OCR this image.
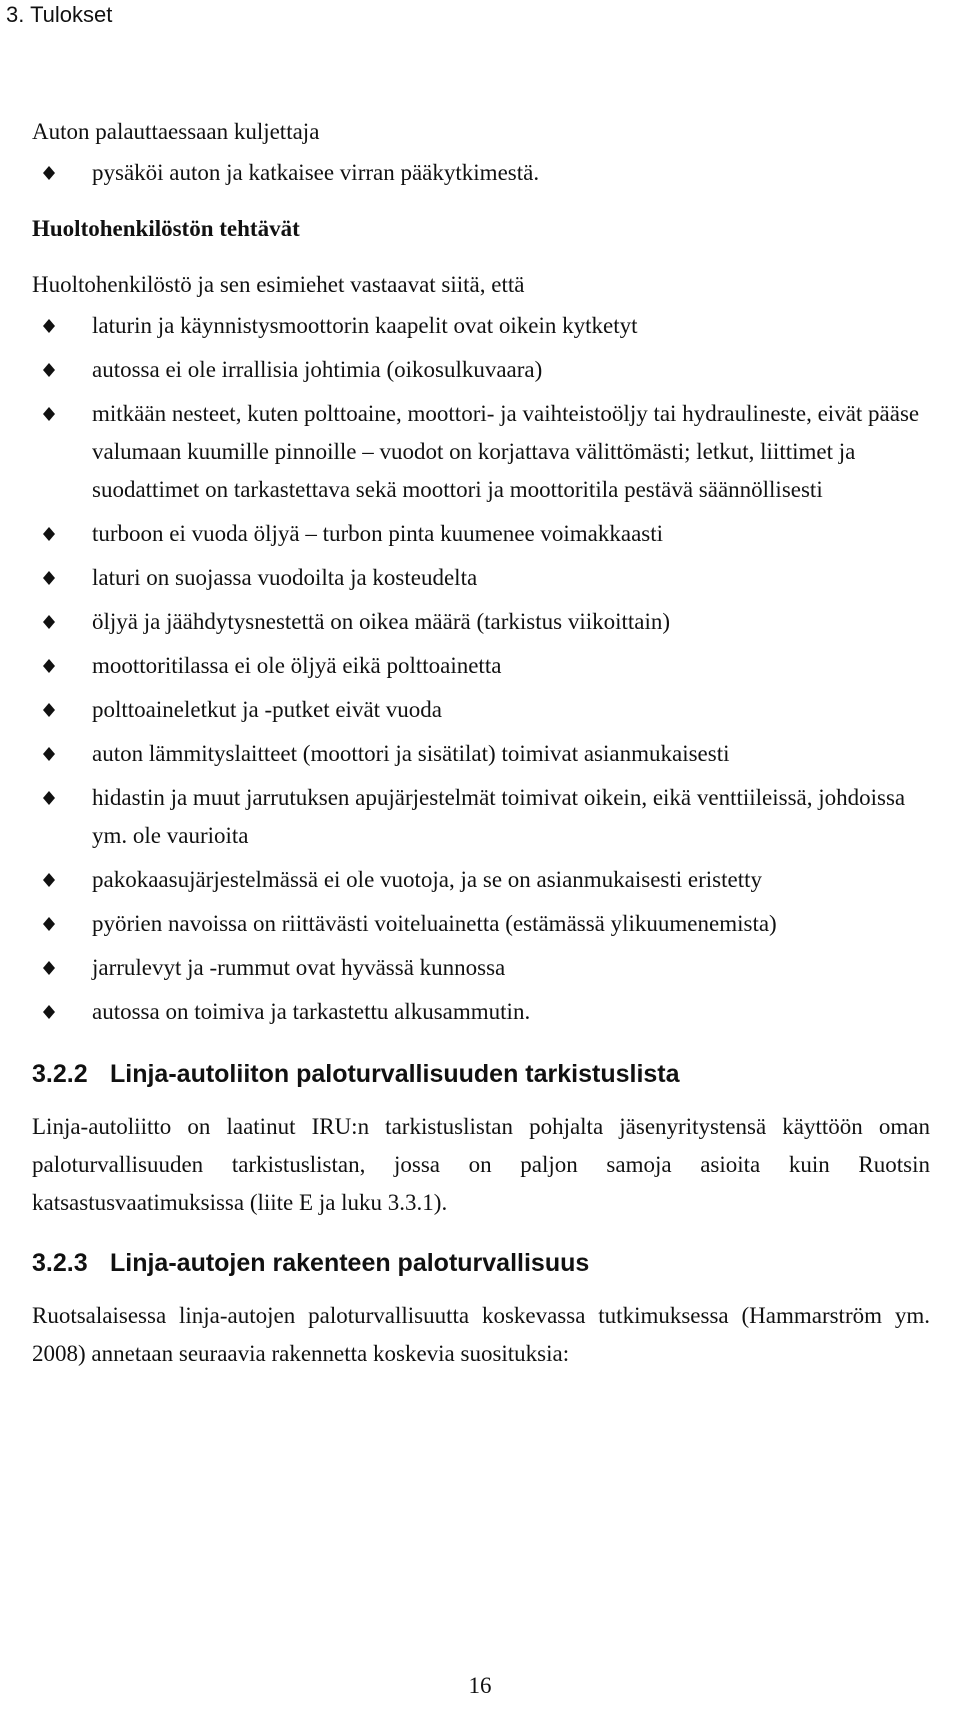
3. Tulokset

Auton palauttaessaan kuljettaja

pysäköi auton ja katkaisee virran pääkytkimestä.

Huoltohenkilöstön tehtävät

Huoltohenkilöstö ja sen esimiehet vastaavat siitä, että

laturin ja käynnistysmoottorin kaapelit ovat oikein kytketyt
autossa ei ole irrallisia johtimia (oikosulkuvaara)
mitkään nesteet, kuten polttoaine, moottori- ja vaihteistoöljy tai hydraulineste, eivät pääse valumaan kuumille pinnoille – vuodot on korjattava välittömästi; letkut, liittimet ja suodattimet on tarkastettava sekä moottori ja moottoritila pestävä säännöllisesti
turboon ei vuoda öljyä – turbon pinta kuumenee voimakkaasti
laturi on suojassa vuodoilta ja kosteudelta
öljyä ja jäähdytysnestettä on oikea määrä (tarkistus viikoittain)
moottoritilassa ei ole öljyä eikä polttoainetta
polttoaineletkut ja -putket eivät vuoda
auton lämmityslaitteet (moottori ja sisätilat) toimivat asianmukaisesti
hidastin ja muut jarrutuksen apujärjestelmät toimivat oikein, eikä venttiileissä, johdoissa ym. ole vaurioita
pakokaasujärjestelmässä ei ole vuotoja, ja se on asianmukaisesti eristetty
pyörien navoissa on riittävästi voiteluainetta (estämässä ylikuumenemista)
jarrulevyt ja -rummut ovat hyvässä kunnossa
autossa on toimiva ja tarkastettu alkusammutin.
3.2.2 Linja-autoliiton paloturvallisuuden tarkistuslista

Linja-autoliitto on laatinut IRU:n tarkistuslistan pohjalta jäsenyritystensä käyttöön oman paloturvallisuuden tarkistuslistan, jossa on paljon samoja asioita kuin Ruotsin katsastusvaatimuksissa (liite E ja luku 3.3.1).

3.2.3 Linja-autojen rakenteen paloturvallisuus

Ruotsalaisessa linja-autojen paloturvallisuutta koskevassa tutkimuksessa (Hammarström ym. 2008) annetaan seuraavia rakennetta koskevia suosituksia:

16
